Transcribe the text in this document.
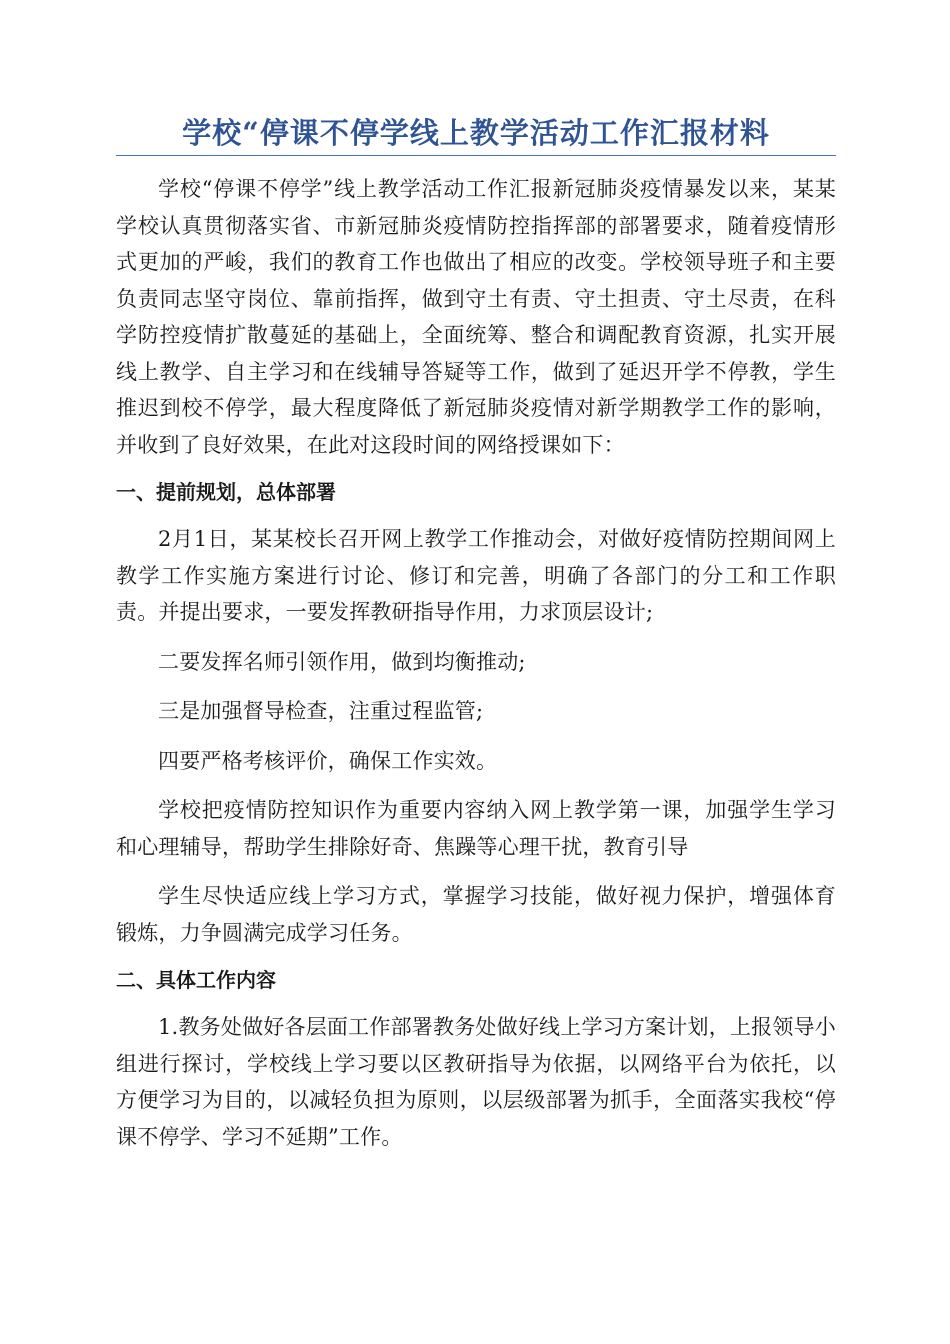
学校“停课不停学线上教学活动工作汇报材料

学校“停课不停学”线上教学活动工作汇报新冠肺炎疫情暴发以来，某某学校认真贯彻落实省、市新冠肺炎疫情防控指挥部的部署要求，随着疫情形式更加的严峻，我们的教育工作也做出了相应的改变。学校领导班子和主要负责同志坚守岗位、靠前指挥，做到守土有责、守土担责、守土尽责，在科学防控疫情扩散蔓延的基础上，全面统筹、整合和调配教育资源，扎实开展线上教学、自主学习和在线辅导答疑等工作，做到了延迟开学不停教，学生推迟到校不停学，最大程度降低了新冠肺炎疫情对新学期教学工作的影响，并收到了良好效果，在此对这段时间的网络授课如下：

一、提前规划，总体部署

2月1日，某某校长召开网上教学工作推动会，对做好疫情防控期间网上教学工作实施方案进行讨论、修订和完善，明确了各部门的分工和工作职责。并提出要求，一要发挥教研指导作用，力求顶层设计;

二要发挥名师引领作用，做到均衡推动;

三是加强督导检查，注重过程监管;

四要严格考核评价，确保工作实效。

学校把疫情防控知识作为重要内容纳入网上教学第一课，加强学生学习和心理辅导，帮助学生排除好奇、焦躁等心理干扰，教育引导

学生尽快适应线上学习方式，掌握学习技能，做好视力保护，增强体育锻炼，力争圆满完成学习任务。

二、具体工作内容

1.教务处做好各层面工作部署教务处做好线上学习方案计划，上报领导小组进行探讨，学校线上学习要以区教研指导为依据，以网络平台为依托，以方便学习为目的，以减轻负担为原则，以层级部署为抓手，全面落实我校“停课不停学、学习不延期”工作。
